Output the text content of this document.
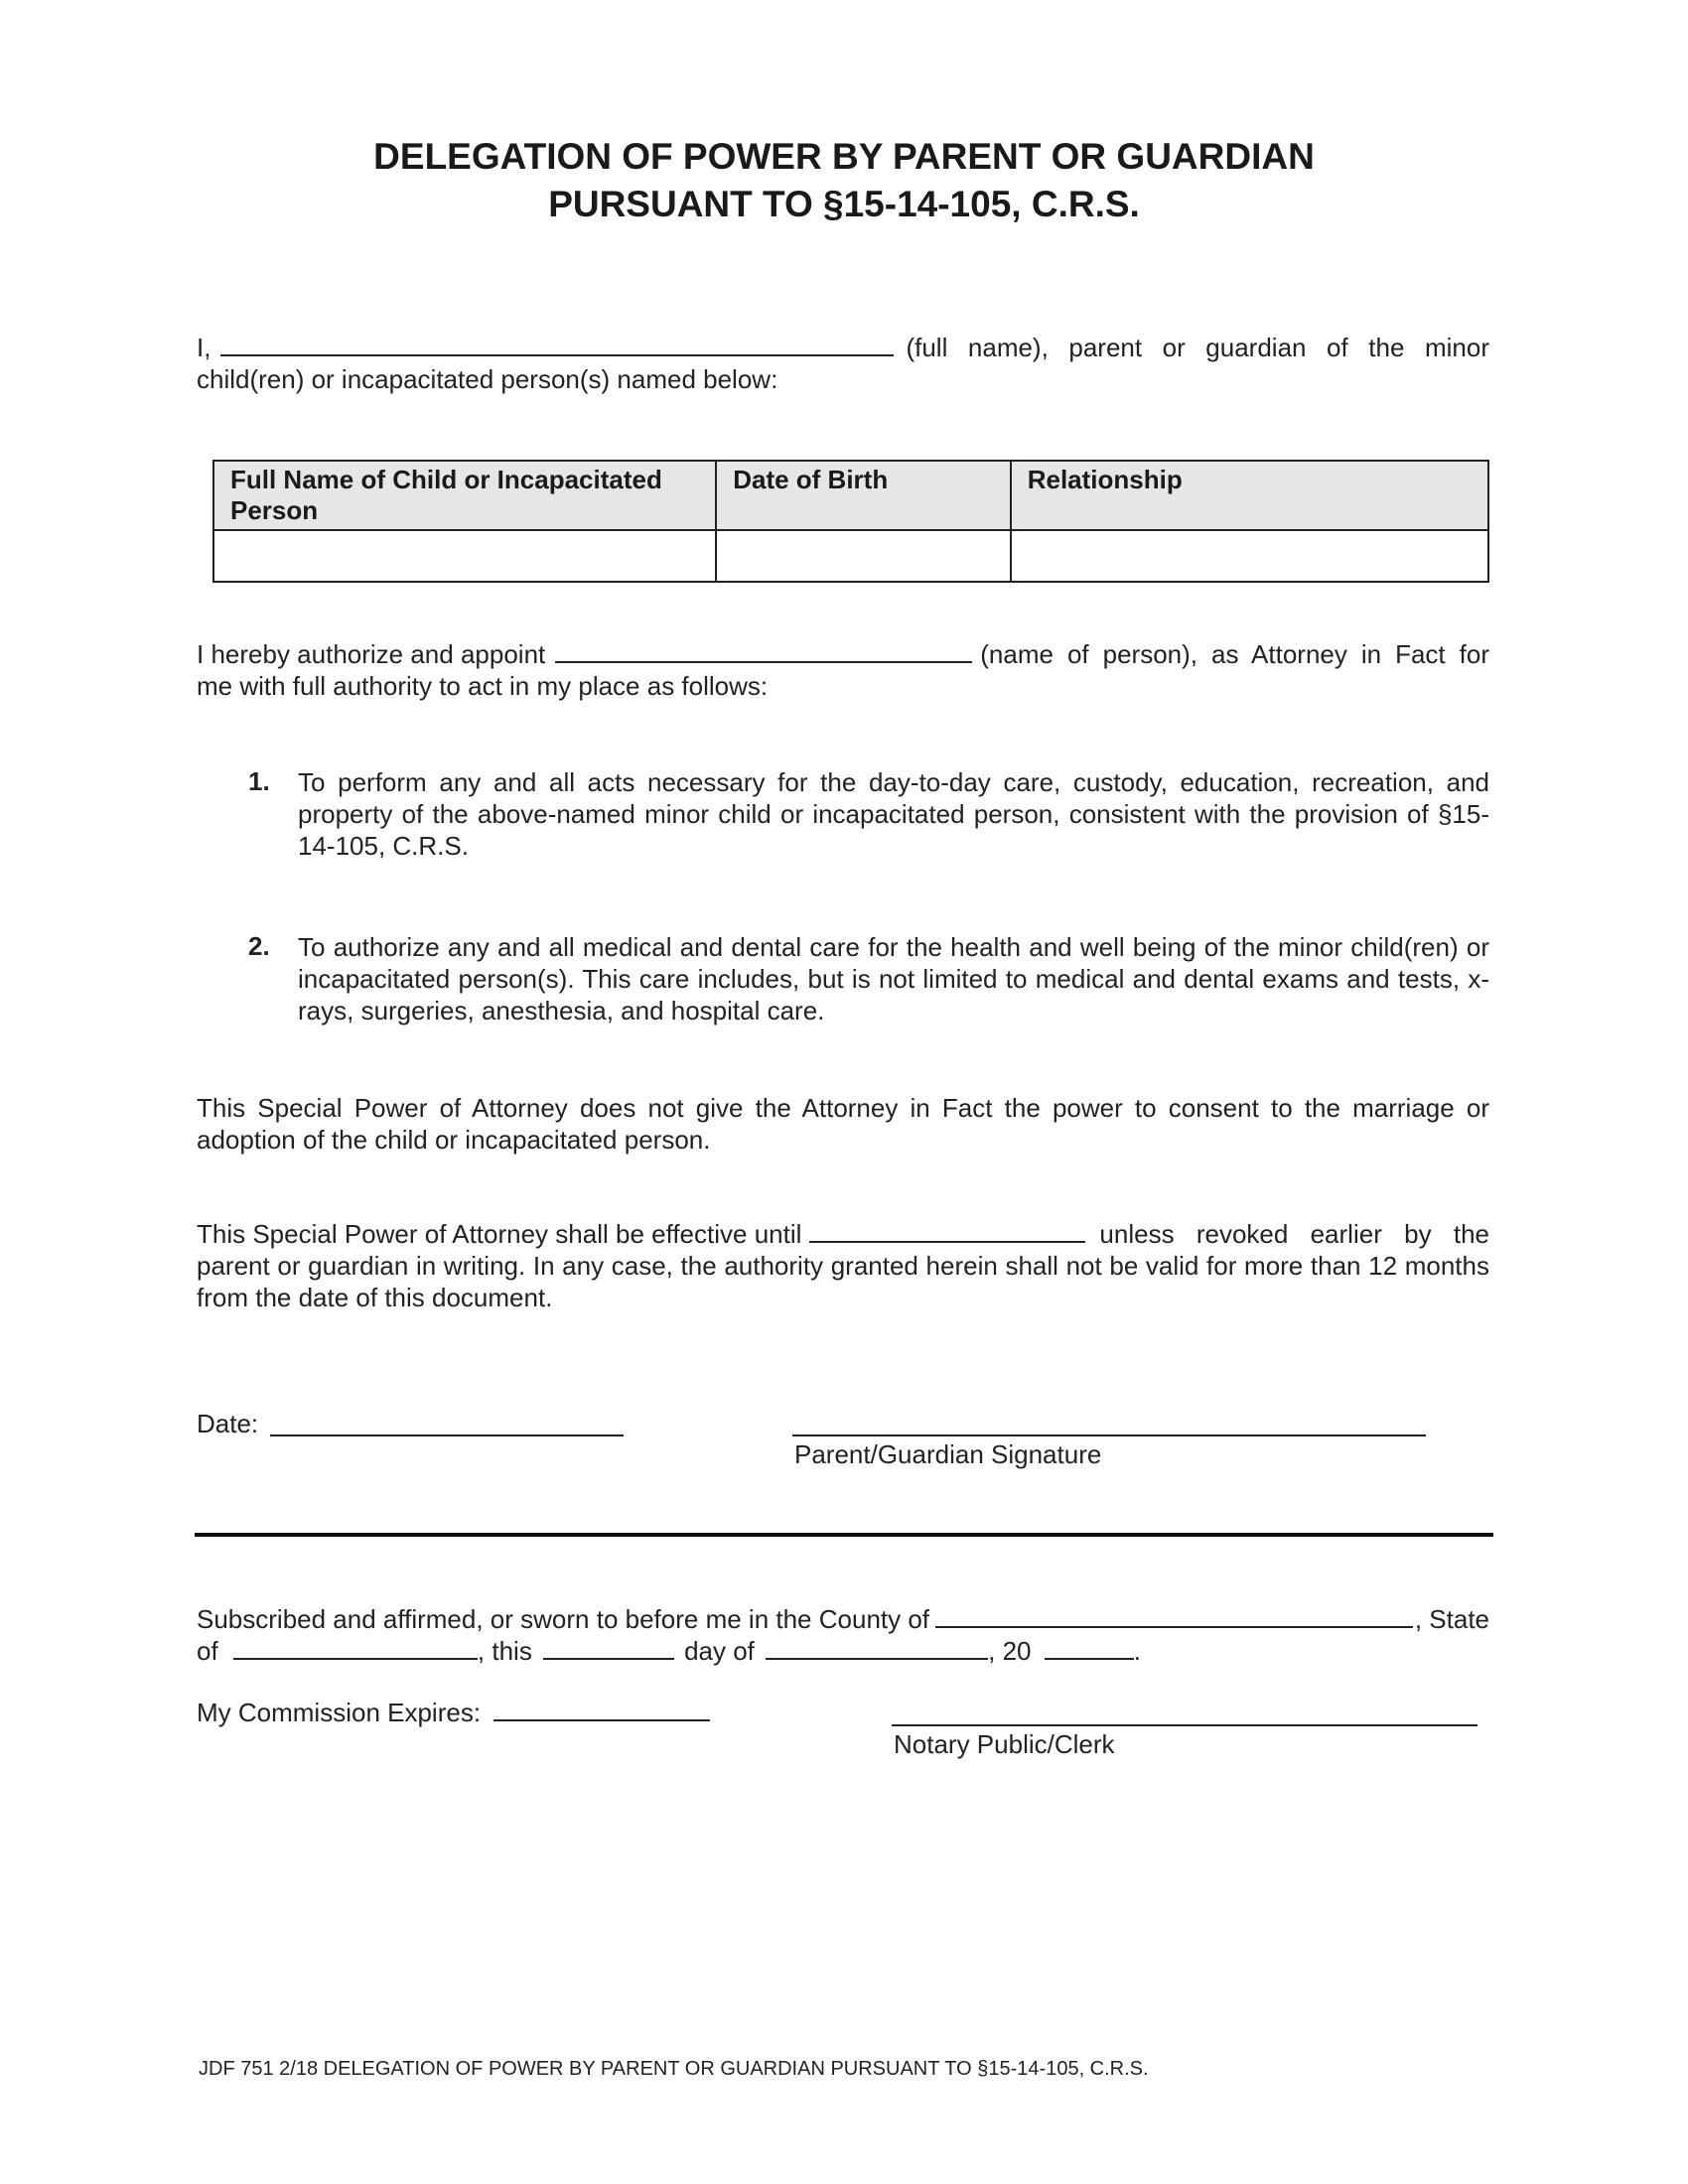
DELEGATION OF POWER BY PARENT OR GUARDIAN
PURSUANT TO §15-14-105, C.R.S.
I,	(full name), parent or guardian of the minor
child(ren) or incapacitated person(s) named below:
Full Name of Child or Incapacitated Person	Date of Birth	Relationship

I hereby authorize and appoint	(name of person), as Attorney in Fact for
me with full authority to act in my place as follows:
1. To perform any and all acts necessary for the day-to-day care, custody, education, recreation, and property of the above-named minor child or incapacitated person, consistent with the provision of §15-14-105, C.R.S.
2. To authorize any and all medical and dental care for the health and well being of the minor child(ren) or incapacitated person(s). This care includes, but is not limited to medical and dental exams and tests, x-rays, surgeries, anesthesia, and hospital care.
This Special Power of Attorney does not give the Attorney in Fact the power to consent to the marriage or adoption of the child or incapacitated person.
This Special Power of Attorney shall be effective until	unless revoked earlier by the
parent or guardian in writing. In any case, the authority granted herein shall not be valid for more than 12 months from the date of this document.
Date:
Parent/Guardian Signature
Subscribed and affirmed, or sworn to before me in the County of	, State
of	, this	day of	, 20	.
My Commission Expires:
Notary Public/Clerk
JDF 751 2/18 DELEGATION OF POWER BY PARENT OR GUARDIAN PURSUANT TO §15-14-105, C.R.S.
